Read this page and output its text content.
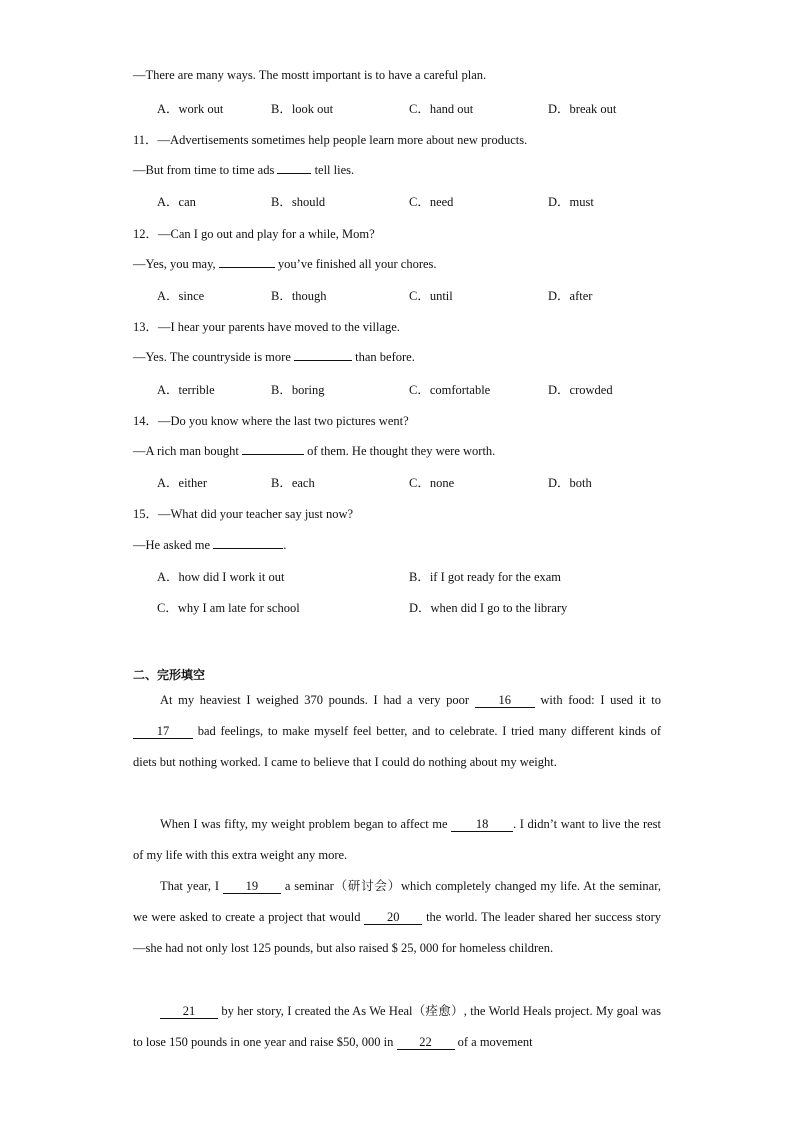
—There are many ways. The mostt important is to have a careful plan.
A．work out	B．look out	C．hand out	D．break out
11．—Advertisements sometimes help people learn more about new products.
—But from time to time ads	tell lies.
A．can	B．should	C．need	D．must
12．—Can I go out and play for a while, Mom?
—Yes, you may,	you’ve finished all your chores.
A．since	B．though	C．until	D．after
13．—I hear your parents have moved to the village.
—Yes. The countryside is more	than before.
A．terrible	B．boring	C．comfortable	D．crowded
14．—Do you know where the last two pictures went?
—A rich man bought	of them. He thought they were worth.
A．either	B．each	C．none	D．both
15．—What did your teacher say just now?
—He asked me	.
A．how did I work it out	B．if I got ready for the exam
C．why I am late for school	D．when did I go to the library
二、完形填空
At my heaviest I weighed 370 pounds. I had a very poor 16 with food: I used it to 17 bad feelings, to make myself feel better, and to celebrate. I tried many different kinds of diets but nothing worked. I came to believe that I could do nothing about my weight.
When I was fifty, my weight problem began to affect me 18 . I didn’t want to live the rest of my life with this extra weight any more.
That year, I 19 a seminar（研讨会）which completely changed my life. At the seminar, we were asked to create a project that would 20 the world. The leader shared her success story—she had not only lost 125 pounds, but also raised $ 25, 000 for homeless children.
21 by her story, I created the As We Heal（痊愈）, the World Heals project. My goal was to lose 150 pounds in one year and raise $50, 000 in 22 of a movement
